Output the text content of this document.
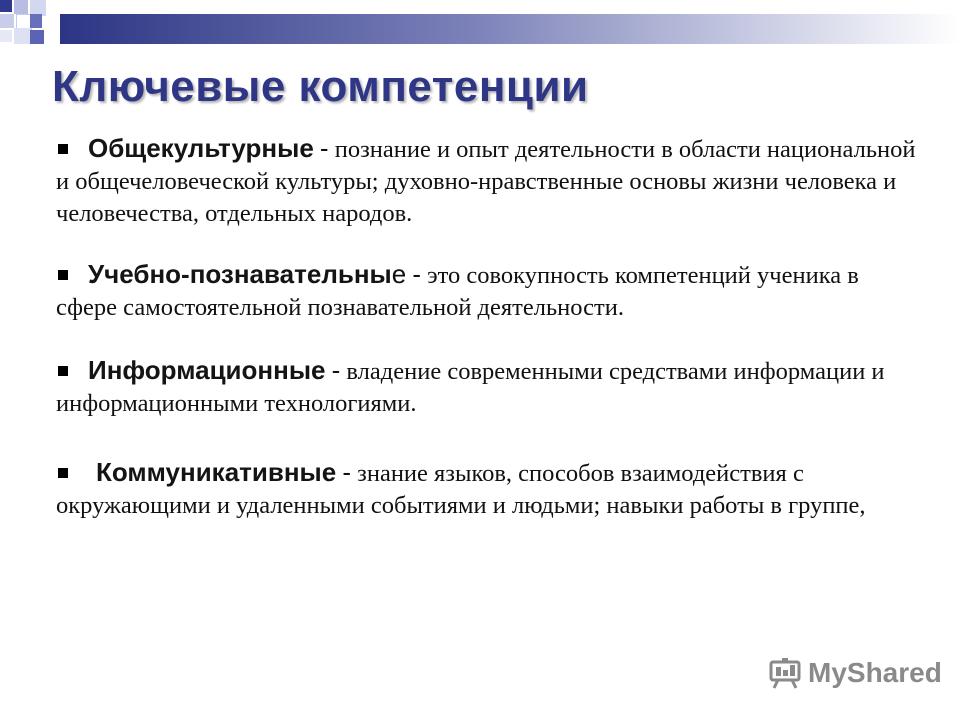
Ключевые компетенции
Общекультурные - познание и опыт деятельности в области национальной и общечеловеческой культуры; духовно-нравственные основы жизни человека и человечества, отдельных народов.
Учебно-познавательные - это совокупность компетенций ученика в сфере самостоятельной познавательной деятельности.
Информационные - владение современными средствами информации и информационными технологиями.
Коммуникативные - знание языков, способов взаимодействия с окружающими и удаленными событиями и людьми; навыки работы в группе,
MyShared
